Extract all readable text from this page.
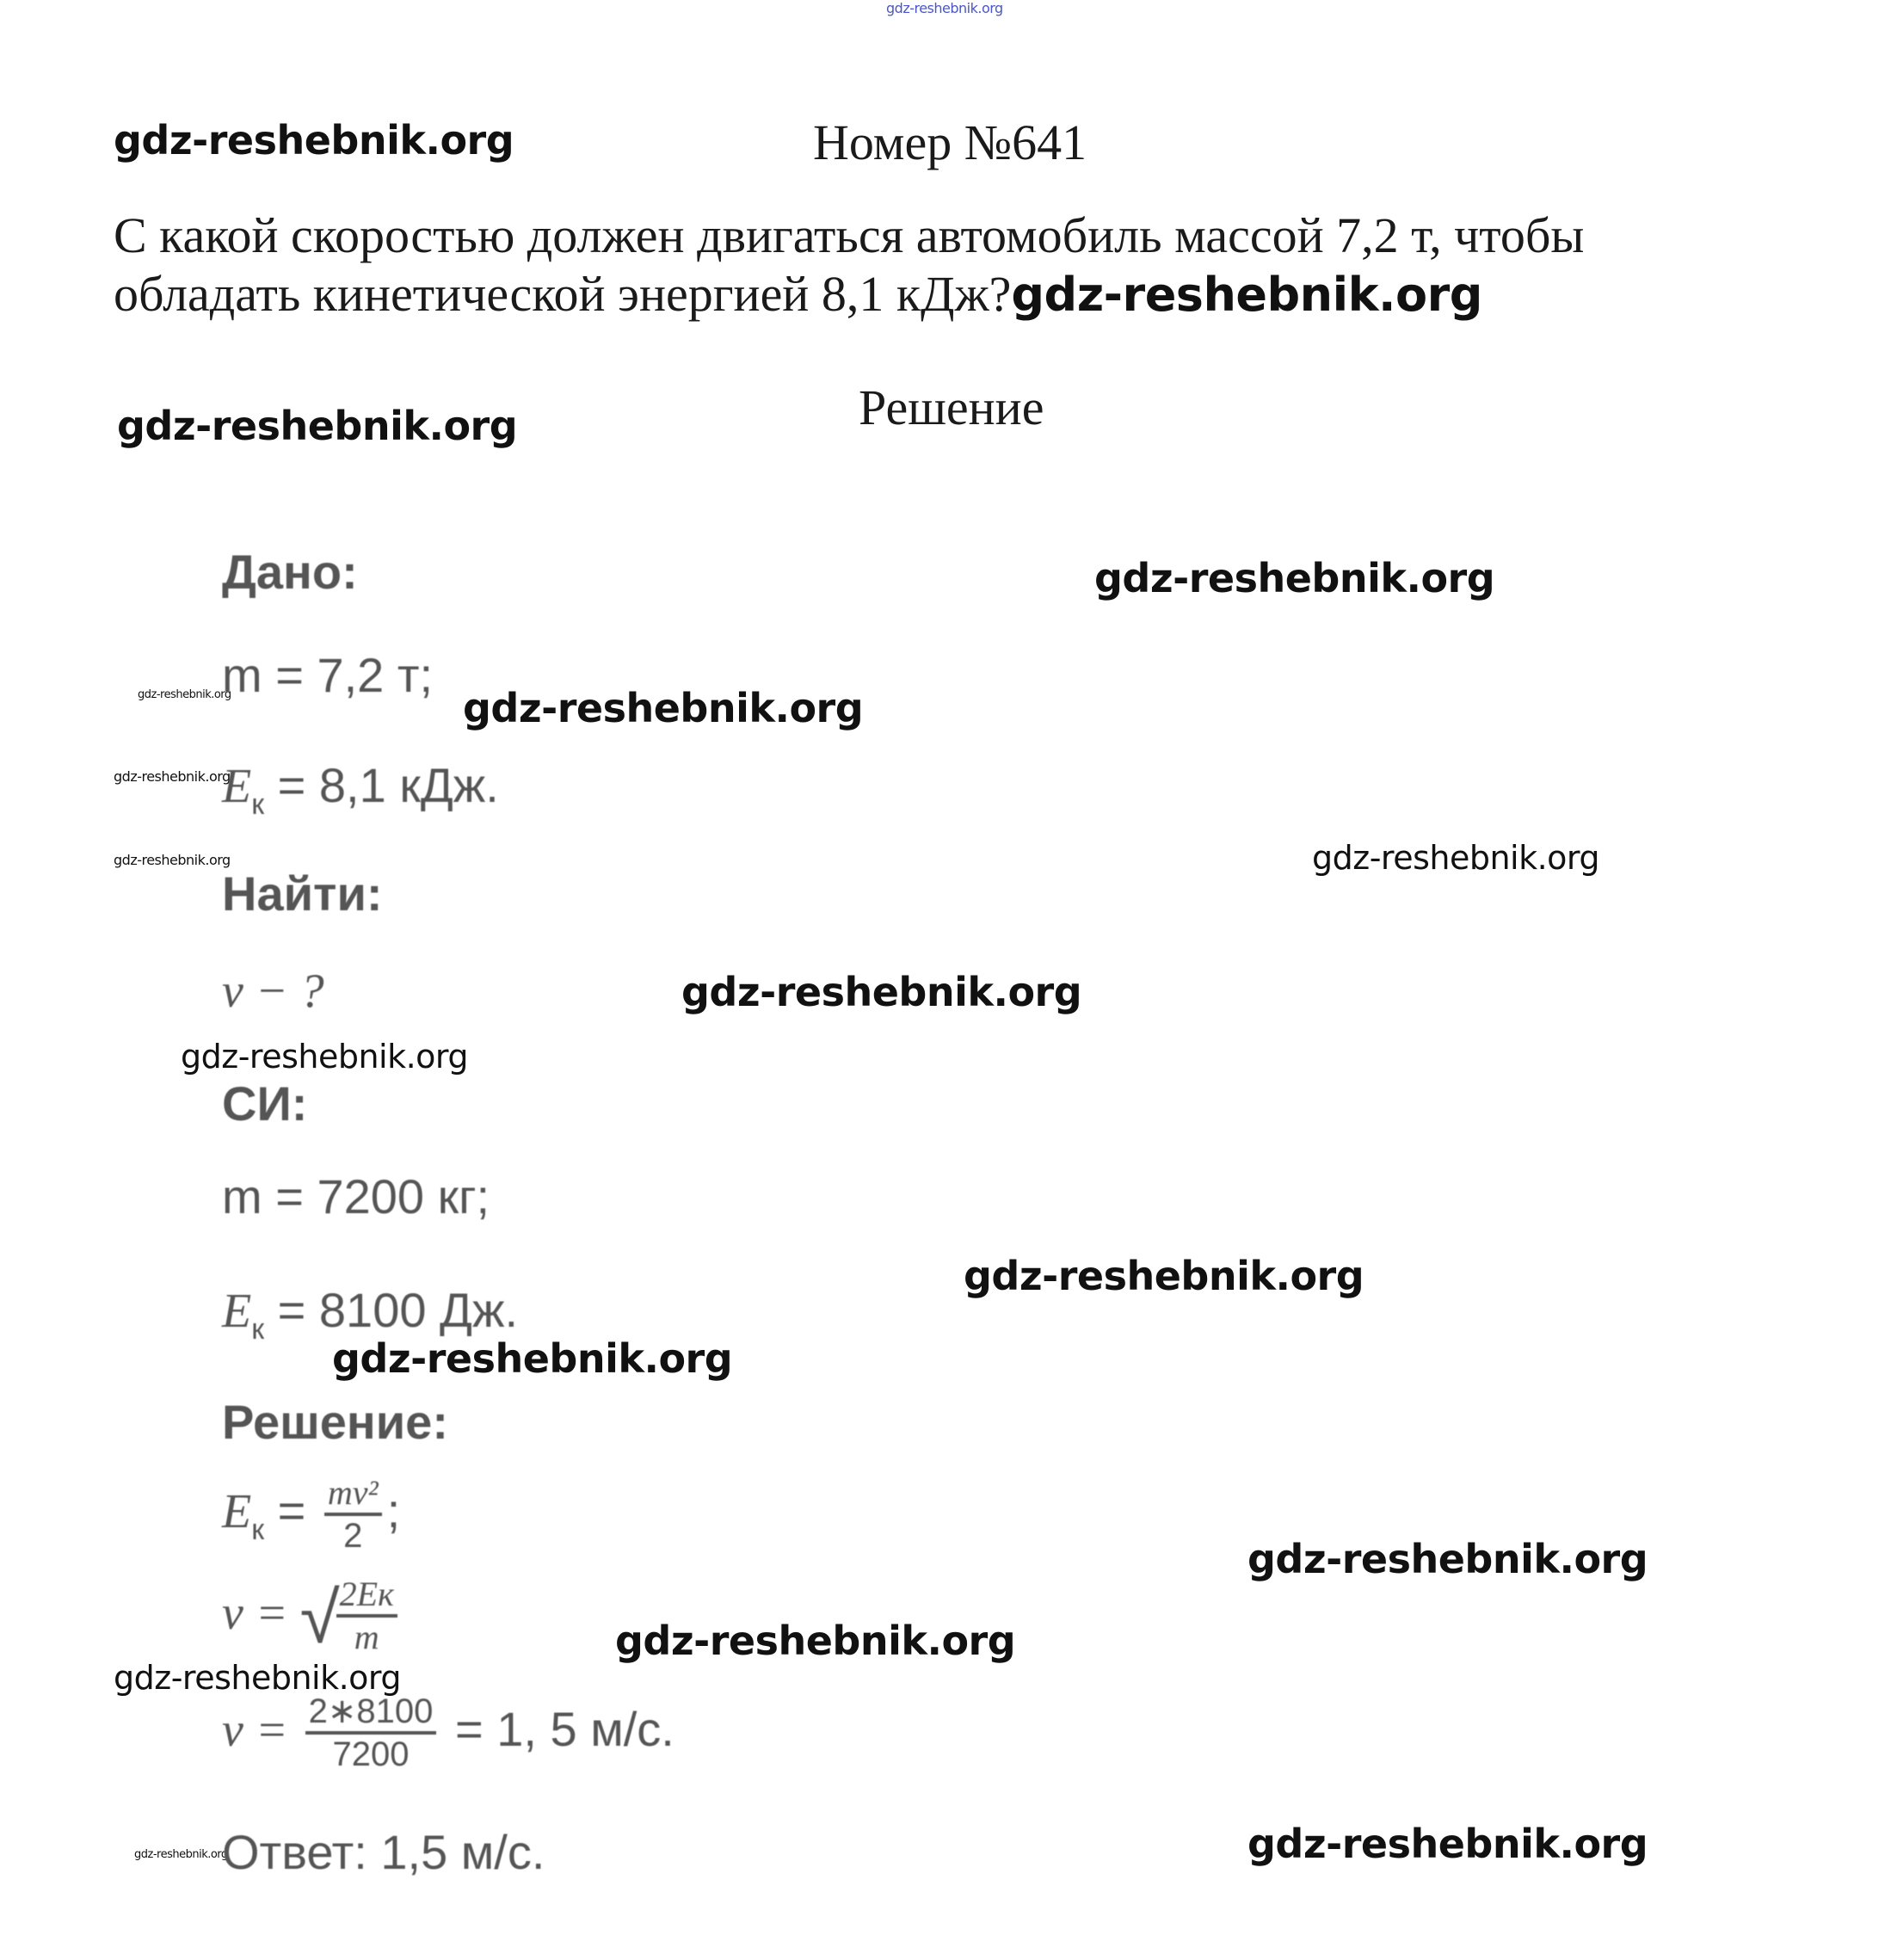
gdz-reshebnik.org
gdz-reshebnik.org	Номер №641
С какой скоростью должен двигаться автомобиль массой 7,2 т, чтобы обладать кинетической энергией 8,1 кДж?gdz-reshebnik.org
gdz-reshebnik.org	Решение
gdz-reshebnik.org
gdz-reshebnik.org
gdz-reshebnik.org
gdz-reshebnik.org
gdz-reshebnik.org	gdz-reshebnik.org
gdz-reshebnik.org
gdz-reshebnik.org
gdz-reshebnik.org
gdz-reshebnik.org
gdz-reshebnik.org
gdz-reshebnik.org
gdz-reshebnik.org
gdz-reshebnik.org	gdz-reshebnik.org
Дано:
m = 7,2 т;
$E_к = 8,1$ кДж.
Найти:
v − ?
СИ:
m = 7200 кг;
$E_к = 8100$ Дж.
Решение:
$E_к = \frac{\text{mv²}}{2}$ ;
v = √
$\frac{2Eк}{m}$
$v = \frac{2∗8100}{7200} = 1$, 5 м/с.
Ответ: 1,5 м/с.
